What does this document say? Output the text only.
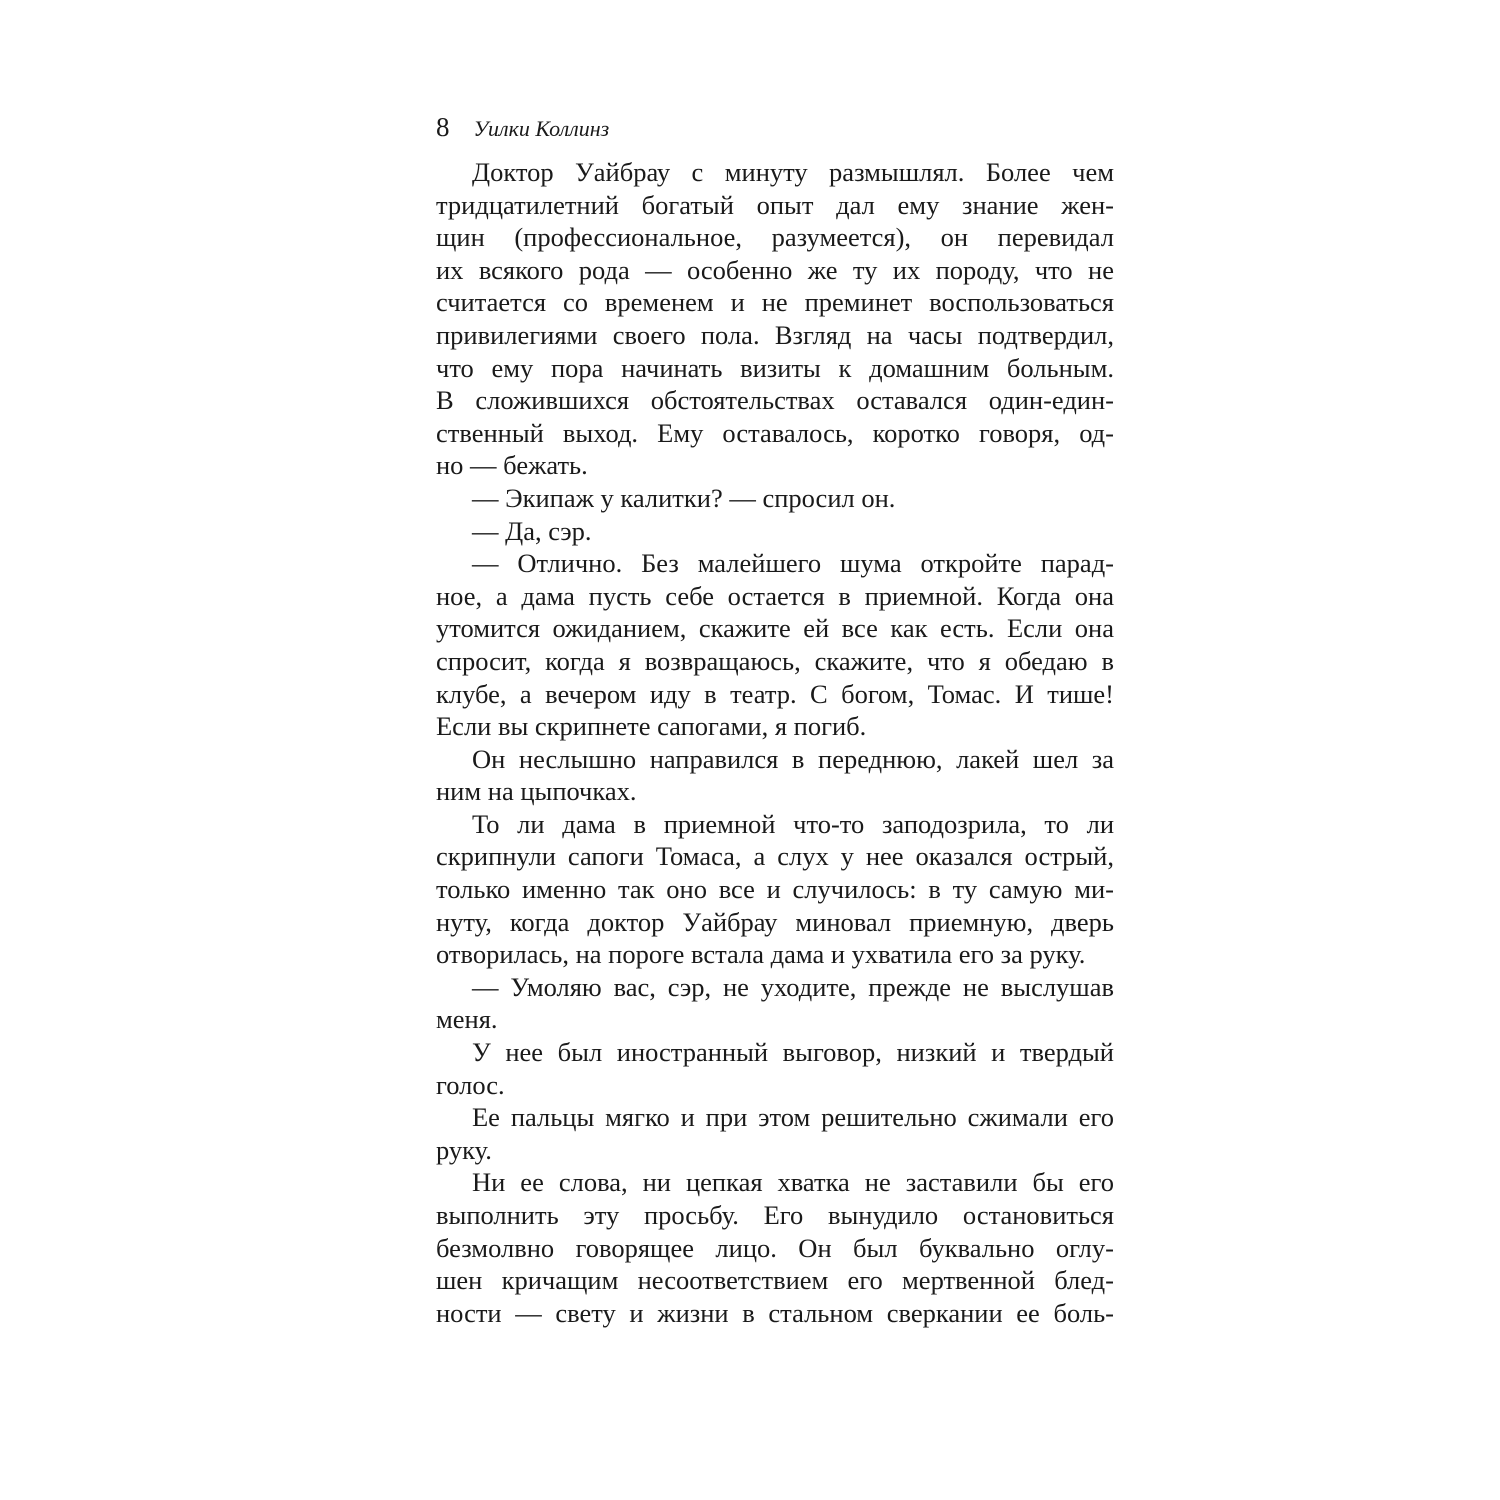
8 Уилки Коллинз
Доктор Уайбрау с минуту размышлял. Более чем
тридцатилетний богатый опыт дал ему знание жен-
щин (профессиональное, разумеется), он перевидал
их всякого рода — особенно же ту их породу, что не
считается со временем и не преминет воспользоваться
привилегиями своего пола. Взгляд на часы подтвердил,
что ему пора начинать визиты к домашним больным.
В сложившихся обстоятельствах оставался один-един-
ственный выход. Ему оставалось, коротко говоря, од-
но — бежать.
— Экипаж у калитки? — спросил он.
— Да, сэр.
— Отлично. Без малейшего шума откройте парад-
ное, а дама пусть себе остается в приемной. Когда она
утомится ожиданием, скажите ей все как есть. Если она
спросит, когда я возвращаюсь, скажите, что я обедаю в
клубе, а вечером иду в театр. С богом, Томас. И тише!
Если вы скрипнете сапогами, я погиб.
Он неслышно направился в переднюю, лакей шел за
ним на цыпочках.
То ли дама в приемной что-то заподозрила, то ли
скрипнули сапоги Томаса, а слух у нее оказался острый,
только именно так оно все и случилось: в ту самую ми-
нуту, когда доктор Уайбрау миновал приемную, дверь
отворилась, на пороге встала дама и ухватила его за руку.
— Умоляю вас, сэр, не уходите, прежде не выслушав
меня.
У нее был иностранный выговор, низкий и твердый
голос.
Ее пальцы мягко и при этом решительно сжимали его
руку.
Ни ее слова, ни цепкая хватка не заставили бы его
выполнить эту просьбу. Его вынудило остановиться
безмолвно говорящее лицо. Он был буквально оглу-
шен кричащим несоответствием его мертвенной блед-
ности — свету и жизни в стальном сверкании ее боль-
